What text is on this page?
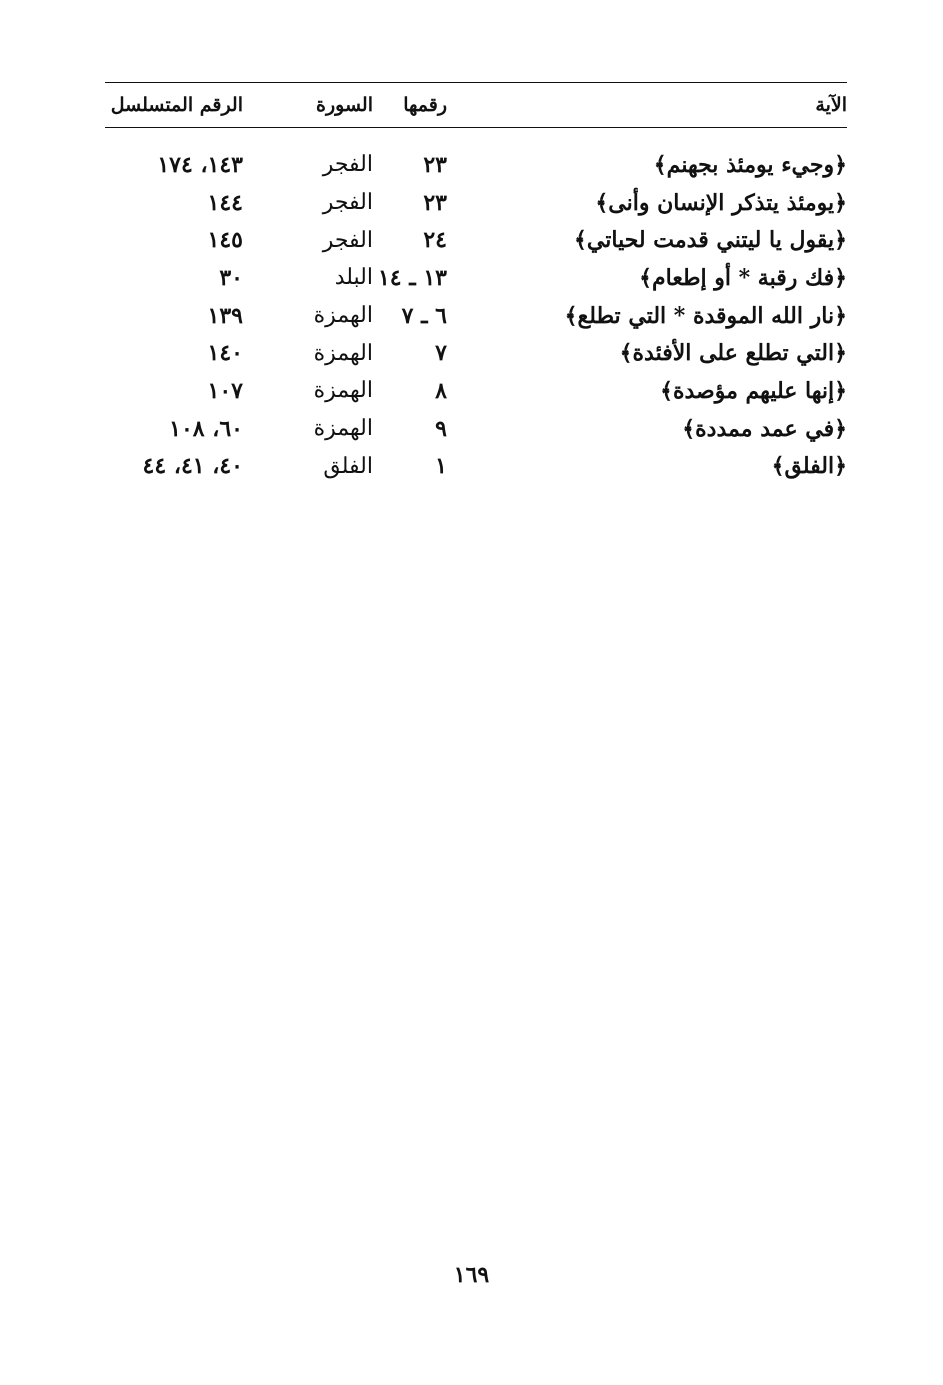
الآية
رقمها
السورة
الرقم المتسلسل
﴿وجيء يومئذ بجهنم﴾
٢٣
الفجر
١٤٣، ١٧٤
﴿يومئذ يتذكر الإنسان وأنى﴾
٢٣
الفجر
١٤٤
﴿يقول يا ليتني قدمت لحياتي﴾
٢٤
الفجر
١٤٥
﴿فك رقبة * أو إطعام﴾
١٣ ـ ١٤
البلد
٣٠
﴿نار الله الموقدة * التي تطلع﴾
٦ ـ ٧
الهمزة
١٣٩
﴿التي تطلع على الأفئدة﴾
٧
الهمزة
١٤٠
﴿إنها عليهم مؤصدة﴾
٨
الهمزة
١٠٧
﴿في عمد ممددة﴾
٩
الهمزة
٦٠، ١٠٨
﴿الفلق﴾
١
الفلق
٤٠، ٤١، ٤٤
١٦٩
